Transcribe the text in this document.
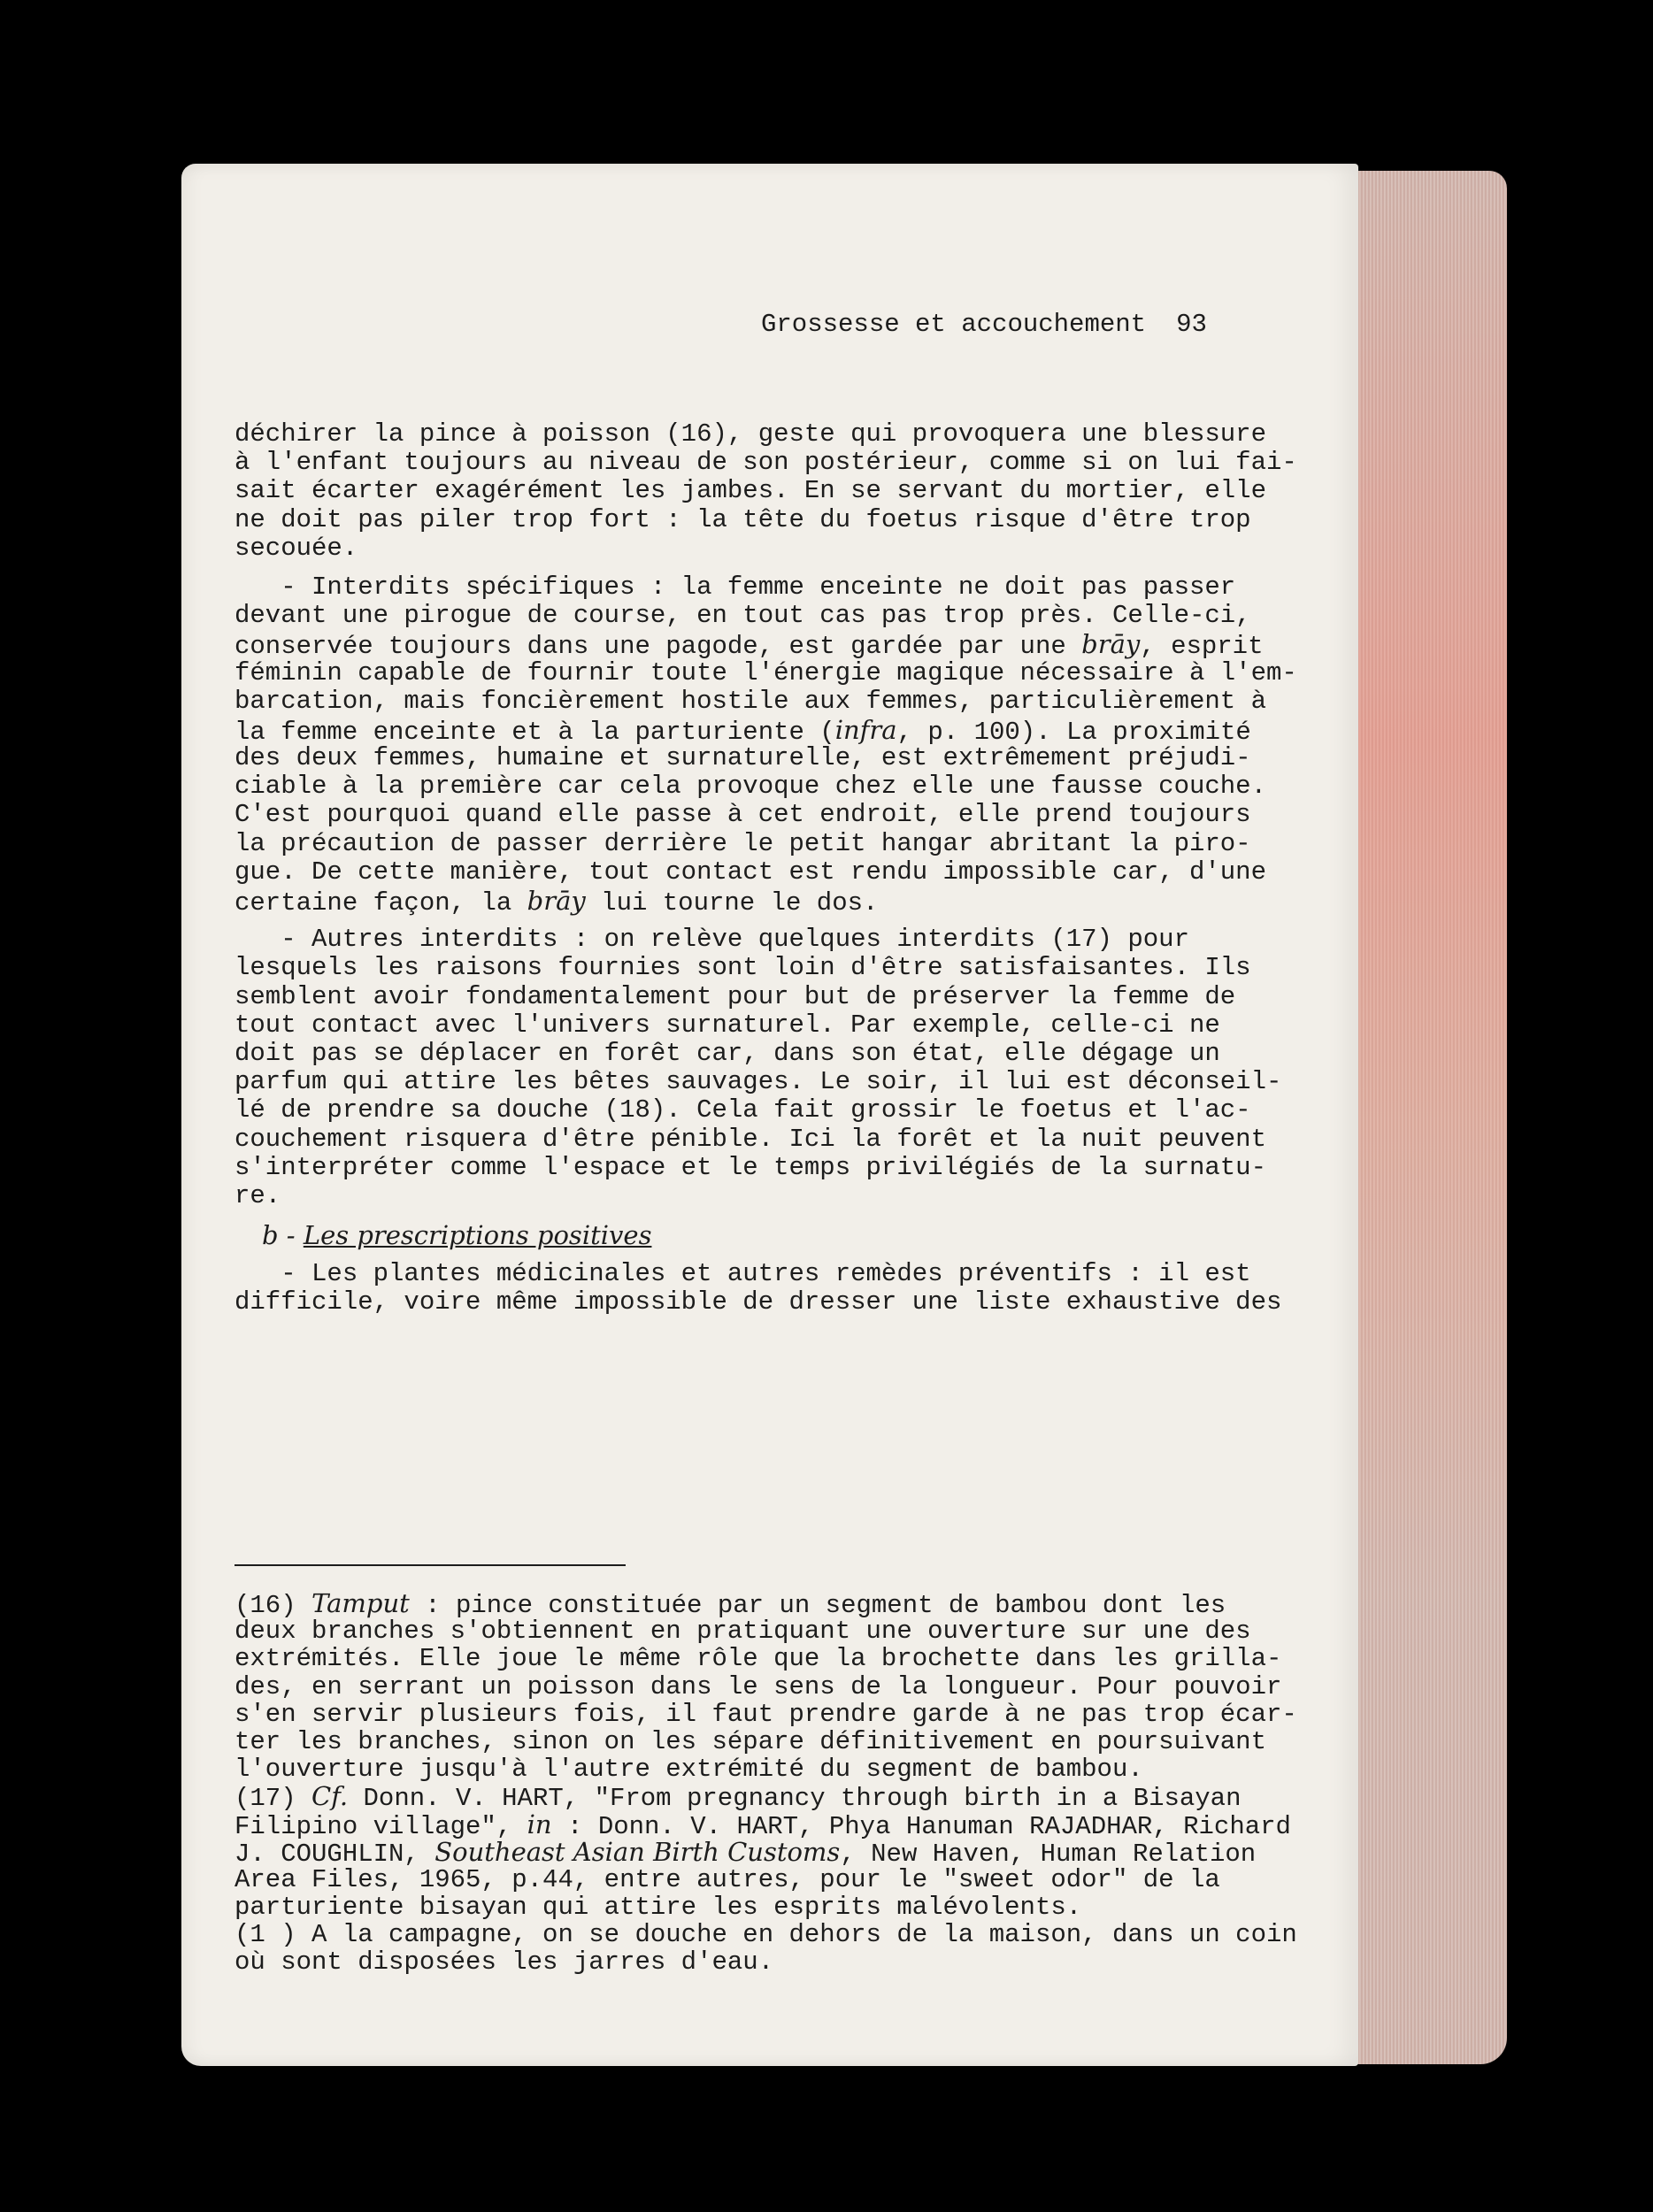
Grossesse et accouchement 93
déchirer la pince à poisson (16), geste qui provoquera une blessure
à l'enfant toujours au niveau de son postérieur, comme si on lui fai-
sait écarter exagérément les jambes. En se servant du mortier, elle
ne doit pas piler trop fort : la tête du foetus risque d'être trop
secouée.
- Interdits spécifiques : la femme enceinte ne doit pas passer
devant une pirogue de course, en tout cas pas trop près. Celle-ci,
conservée toujours dans une pagode, est gardée par une brāy, esprit
féminin capable de fournir toute l'énergie magique nécessaire à l'em-
barcation, mais foncièrement hostile aux femmes, particulièrement à
la femme enceinte et à la parturiente (infra, p. 100). La proximité
des deux femmes, humaine et surnaturelle, est extrêmement préjudi-
ciable à la première car cela provoque chez elle une fausse couche.
C'est pourquoi quand elle passe à cet endroit, elle prend toujours
la précaution de passer derrière le petit hangar abritant la piro-
gue. De cette manière, tout contact est rendu impossible car, d'une
certaine façon, la brāy lui tourne le dos.
- Autres interdits : on relève quelques interdits (17) pour
lesquels les raisons fournies sont loin d'être satisfaisantes. Ils
semblent avoir fondamentalement pour but de préserver la femme de
tout contact avec l'univers surnaturel. Par exemple, celle-ci ne
doit pas se déplacer en forêt car, dans son état, elle dégage un
parfum qui attire les bêtes sauvages. Le soir, il lui est déconseil-
lé de prendre sa douche (18). Cela fait grossir le foetus et l'ac-
couchement risquera d'être pénible. Ici la forêt et la nuit peuvent
s'interpréter comme l'espace et le temps privilégiés de la surnatu-
re.
b - Les prescriptions positives
- Les plantes médicinales et autres remèdes préventifs : il est
difficile, voire même impossible de dresser une liste exhaustive des
(16) Tamput : pince constituée par un segment de bambou dont les
deux branches s'obtiennent en pratiquant une ouverture sur une des
extrémités. Elle joue le même rôle que la brochette dans les grilla-
des, en serrant un poisson dans le sens de la longueur. Pour pouvoir
s'en servir plusieurs fois, il faut prendre garde à ne pas trop écar-
ter les branches, sinon on les sépare définitivement en poursuivant
l'ouverture jusqu'à l'autre extrémité du segment de bambou.
(17) Cf. Donn. V. HART, "From pregnancy through birth in a Bisayan
Filipino village", in : Donn. V. HART, Phya Hanuman RAJADHAR, Richard
J. COUGHLIN, Southeast Asian Birth Customs, New Haven, Human Relation
Area Files, 1965, p.44, entre autres, pour le "sweet odor" de la
parturiente bisayan qui attire les esprits malévolents.
(1 ) A la campagne, on se douche en dehors de la maison, dans un coin
où sont disposées les jarres d'eau.
